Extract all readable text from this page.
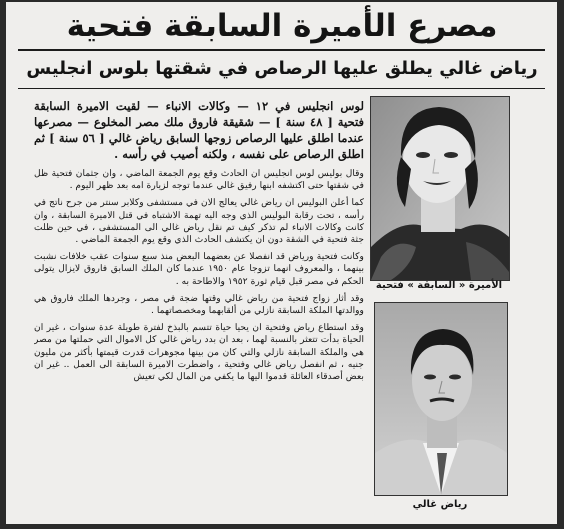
مصرع الأميرة السابقة فتحية
رياض غالي يطلق عليها الرصاص في شقتها بلوس انجليس
الأميرة « السابقة » فتحية
رياض غالي

لوس انجليس في ١٢ — وكالات الانباء — لقيت الاميرة السابقة فتحية [ ٤٨ سنة ] — شقيقة فاروق ملك مصر المخلوع — مصرعها عندما اطلق عليها الرصاص زوجها السابق رياض غالي [ ٥٦ سنة ] ثم اطلق الرصاص على نفسه ، ولكنه أصيب في رأسه .

وقال بوليس لوس انجليس ان الحادث وقع يوم الجمعة الماضي ، وان جثمان فتحية ظل في شقتها حتى اكتشفه ابنها رفيق غالي عندما توجه لزيارة امه بعد ظهر اليوم .

كما أعلن البوليس ان رياض غالي يعالج الان في مستشفى وكلابر سنتر من جرح ناتج في رأسه ، تحت رقابة البوليس الذي وجه اليه تهمة الاشتباه في قتل الاميرة السابقة ، وان كانت وكالات الانباء لم تذكر كيف تم نقل رياض غالي الى المستشفى ، في حين ظلت جثة فتحية في الشقة دون ان يكتشف الحادث الذي وقع يوم الجمعة الماضي .

وكانت فتحية ورياض قد انفصلا عن بعضهما البعض منذ سبع سنوات عقب خلافات نشبت بينهما ، والمعروف انهما تزوجا عام ١٩٥٠ عندما كان الملك السابق فاروق لايزال يتولى الحكم في مصر قبل قيام ثورة ١٩٥٢ والاطاحة به .

وقد أثار زواج فتحية من رياض غالي وقتها ضجة في مصر ، وجردها الملك فاروق هي ووالدتها الملكة السابقة نازلي من ألقابهما ومخصصاتهما .

وقد استطاع رياض وفتحية ان يحيا حياة تتسم بالبذخ لفترة طويلة عدة سنوات ، غير ان الحياة بدأت تتعثر بالنسبة لهما ، بعد ان بدد رياض غالي كل الاموال التي حملتها من مصر هي والملكة السابقة نازلي والتي كان من بينها مجوهرات قدرت قيمتها بأكثر من مليون جنيه ، ثم انفصل رياض غالي وفتحية ، واضطرت الاميرة السابقة الى العمل .. غير ان بعض أصدقاء العائلة قدموا اليها ما يكفي من المال لكي تعيش
